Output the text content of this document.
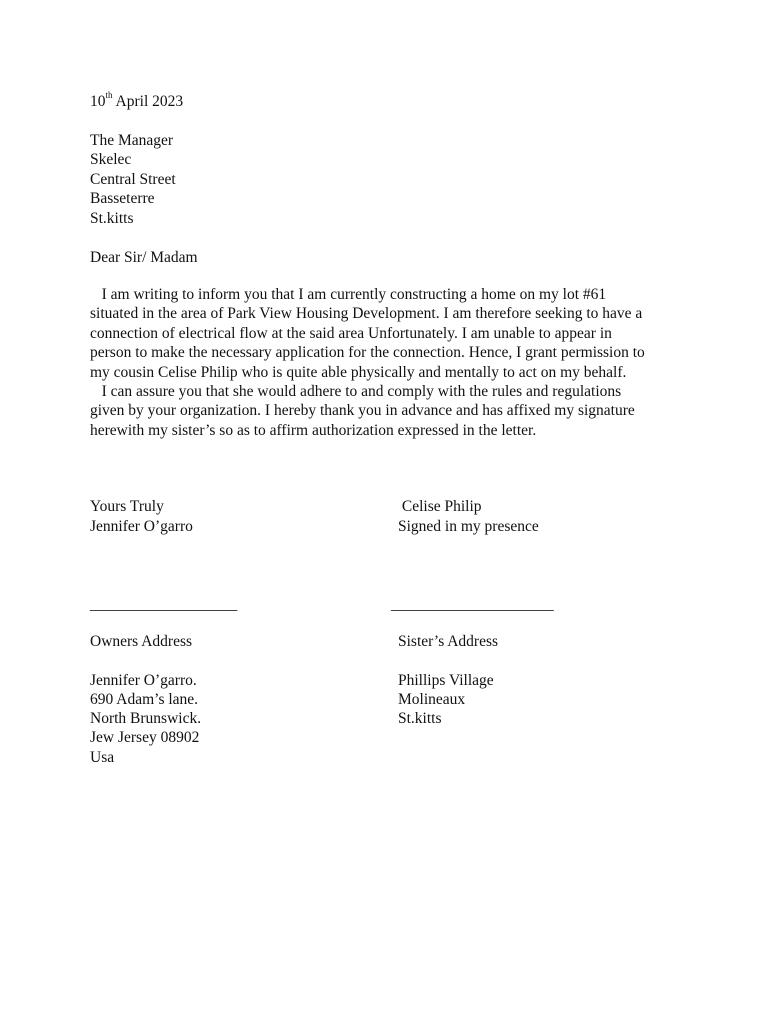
10th April 2023
The Manager
Skelec
Central Street
Basseterre
St.kitts
Dear Sir/ Madam

I am writing to inform you that I am currently constructing a home on my lot #61

situated in the area of Park View Housing Development. I am therefore seeking to have a

connection of electrical flow at the said area Unfortunately. I am unable to appear in

person to make the necessary application for the connection. Hence, I grant permission to

my cousin Celise Philip who is quite able physically and mentally to act on my behalf.

I can assure you that she would adhere to and comply with the rules and regulations

given by your organization. I hereby thank you in advance and has affixed my signature

herewith my sister’s so as to affirm authorization expressed in the letter.

Yours Truly
Jennifer O’garro
Celise Philip
Signed in my presence
___________________	_____________________
Owners Address
Jennifer O’garro.
690 Adam’s lane.
North Brunswick.
Jew Jersey 08902
Usa
Sister’s Address
Phillips Village
Molineaux
St.kitts
